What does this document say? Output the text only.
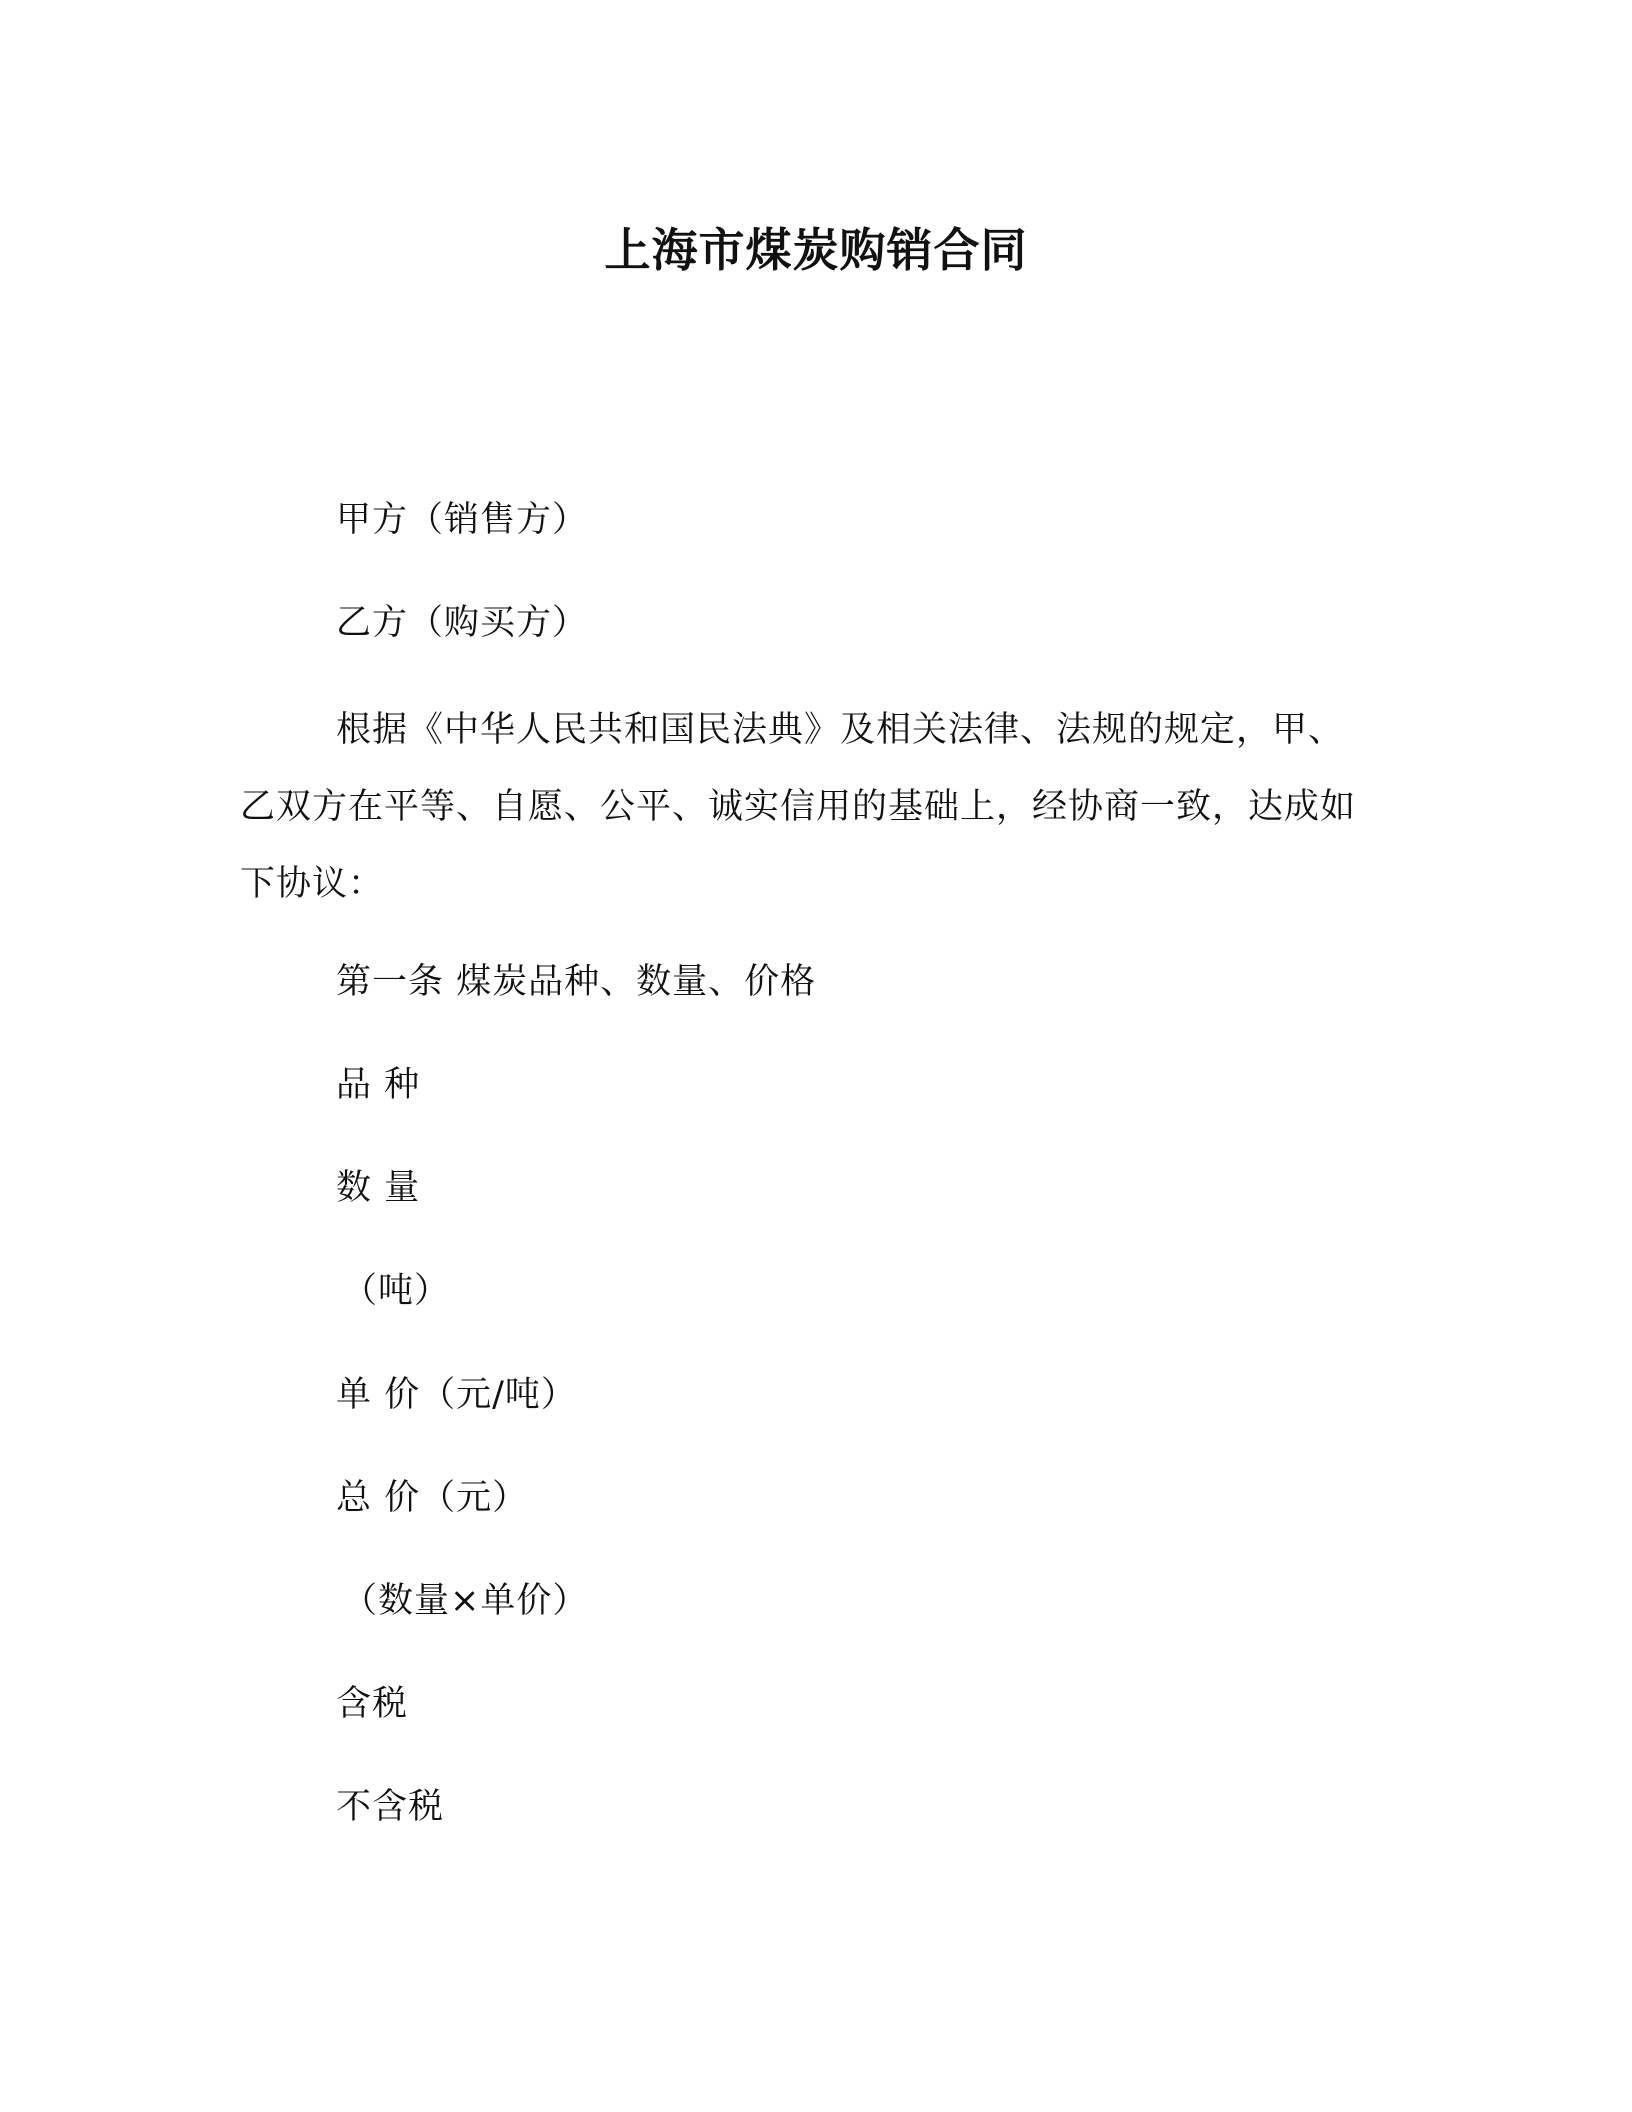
上海市煤炭购销合同
甲方（销售方）
乙方（购买方）
根据《中华人民共和国民法典》及相关法律、法规的规定，甲、乙双方在平等、自愿、公平、诚实信用的基础上，经协商一致，达成如下协议：
第一条 煤炭品种、数量、价格
品 种
数 量
（吨）
单 价（元/吨）
总 价（元）
（数量×单价）
含税
不含税
